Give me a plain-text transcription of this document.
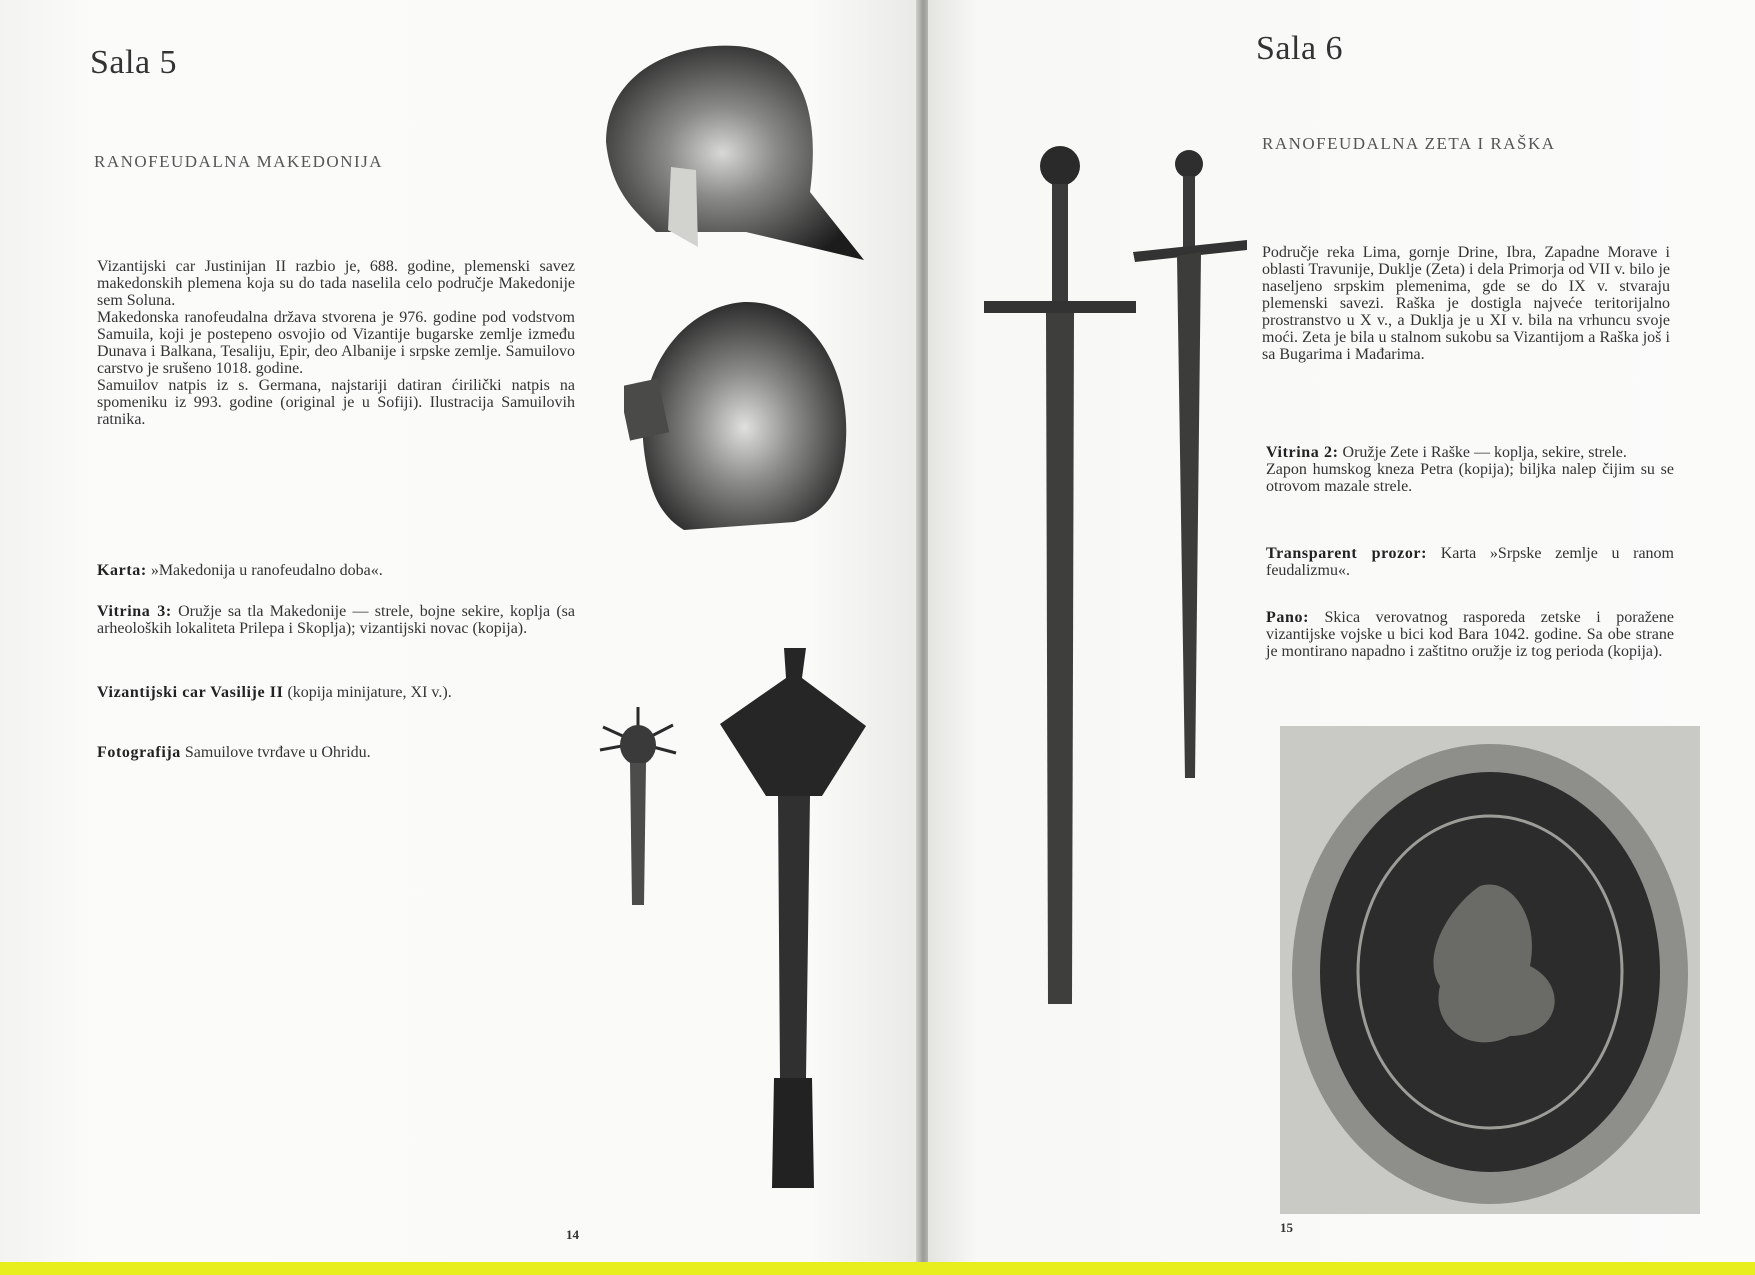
Sala 5
RANOFEUDALNA MAKEDONIJA

Vizantijski car Justinijan II razbio je, 688. godine, plemenski savez makedonskih plemena koja su do tada naselila celo područje Makedonije sem Soluna.

Makedonska ranofeudalna država stvorena je 976. godine pod vodstvom Samuila, koji je postepeno osvojio od Vizantije bugarske zemlje između Dunava i Balkana, Tesaliju, Epir, deo Albanije i srpske zemlje. Samuilovo carstvo je srušeno 1018. godine.

Samuilov natpis iz s. Germana, najstariji datiran ćirilički natpis na spomeniku iz 993. godine (original je u Sofiji). Ilustracija Samuilovih ratnika.

Karta: »Makedonija u ranofeudalno doba«.
Vitrina 3: Oružje sa tla Makedonije — strele, bojne sekire, koplja (sa arheoloških lokaliteta Prilepa i Skoplja); vizantijski novac (kopija).
Vizantijski car Vasilije II (kopija minijature, XI v.).
Fotografija Samuilove tvrđave u Ohridu.
14
Sala 6
RANOFEUDALNA ZETA I RAŠKA
Područje reka Lima, gornje Drine, Ibra, Zapadne Morave i oblasti Travunije, Duklje (Zeta) i dela Primorja od VII v. bilo je naseljeno srpskim plemenima, gde se do IX v. stvaraju plemenski savezi. Raška je dostigla najveće teritorijalno prostranstvo u X v., a Duklja je u XI v. bila na vrhuncu svoje moći. Zeta je bila u stalnom sukobu sa Vizantijom a Raška još i sa Bugarima i Mađarima.
Vitrina 2: Oružje Zete i Raške — koplja, sekire, strele.
Zapon humskog kneza Petra (kopija); biljka nalep čijim su se otrovom mazale strele.
Transparent prozor: Karta »Srpske zemlje u ranom feudalizmu«.
Pano: Skica verovatnog rasporeda zetske i poražene vizantijske vojske u bici kod Bara 1042. godine. Sa obe strane je montirano napadno i zaštitno oružje iz tog perioda (kopija).
15
